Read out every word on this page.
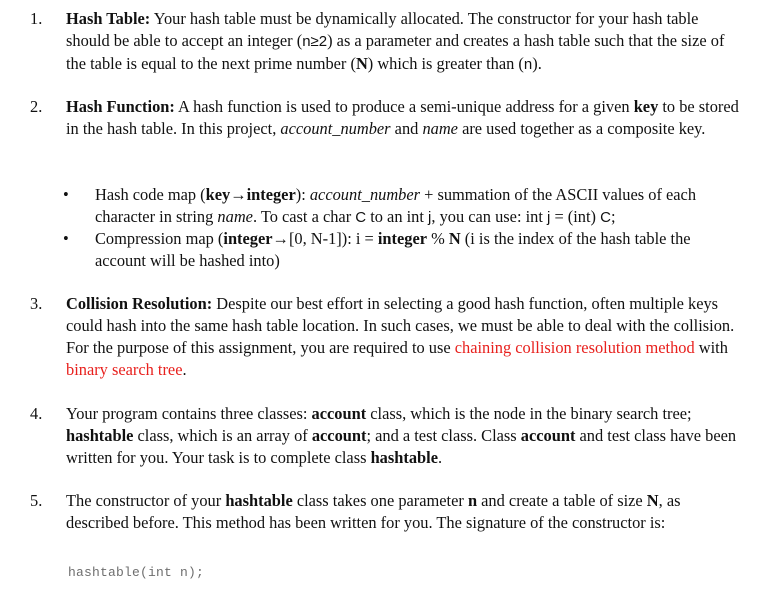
1. Hash Table: Your hash table must be dynamically allocated. The constructor for your hash table should be able to accept an integer (n≥2) as a parameter and creates a hash table such that the size of the table is equal to the next prime number (N) which is greater than (n).
2. Hash Function: A hash function is used to produce a semi-unique address for a given key to be stored in the hash table. In this project, account_number and name are used together as a composite key.
• Hash code map (key→integer): account_number + summation of the ASCII values of each character in string name. To cast a char C to an int j, you can use: int j = (int) C;
• Compression map (integer→[0, N-1]): i = integer % N (i is the index of the hash table the account will be hashed into)
3. Collision Resolution: Despite our best effort in selecting a good hash function, often multiple keys could hash into the same hash table location. In such cases, we must be able to deal with the collision. For the purpose of this assignment, you are required to use chaining collision resolution method with binary search tree.
4. Your program contains three classes: account class, which is the node in the binary search tree; hashtable class, which is an array of account; and a test class. Class account and test class have been written for you. Your task is to complete class hashtable.
5. The constructor of your hashtable class takes one parameter n and create a table of size N, as described before. This method has been written for you. The signature of the constructor is:
hashtable(int n);
